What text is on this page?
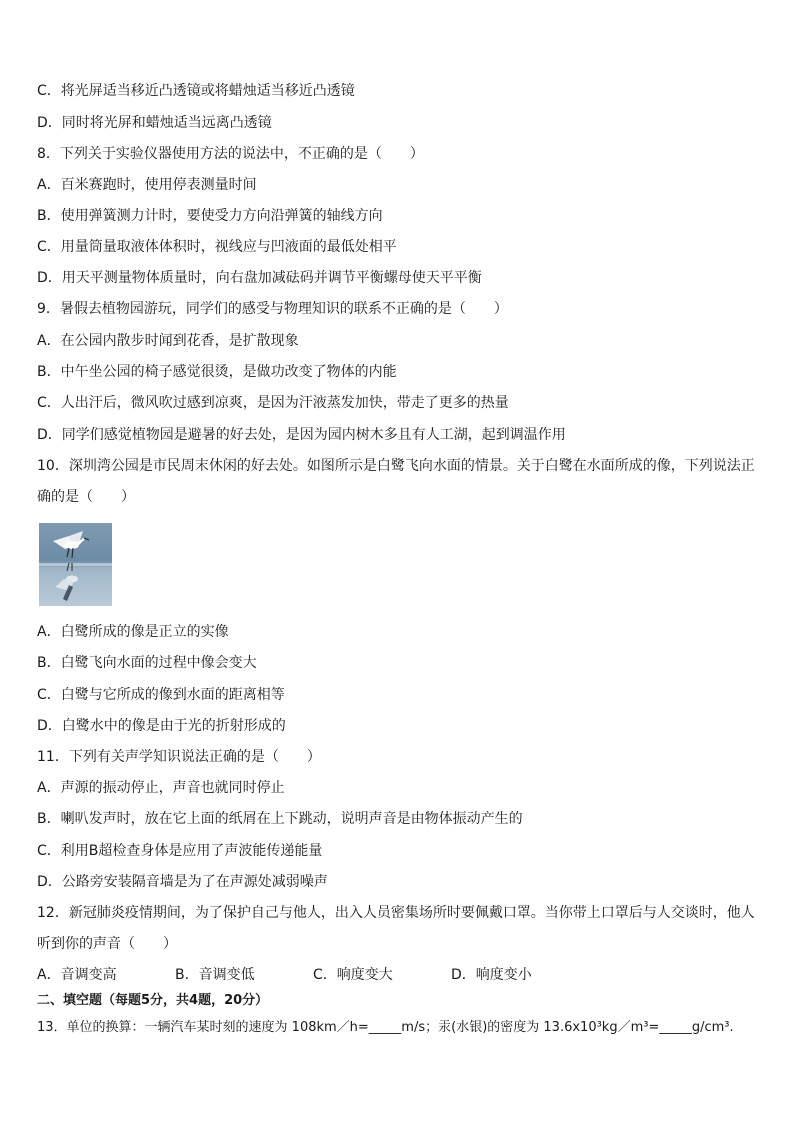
C．将光屏适当移近凸透镜或将蜡烛适当移近凸透镜
D．同时将光屏和蜡烛适当远离凸透镜
8．下列关于实验仪器使用方法的说法中，不正确的是（　　）
A．百米赛跑时，使用停表测量时间
B．使用弹簧测力计时，要使受力方向沿弹簧的轴线方向
C．用量筒量取液体体积时，视线应与凹液面的最低处相平
D．用天平测量物体质量时，向右盘加减砝码并调节平衡螺母使天平平衡
9．暑假去植物园游玩，同学们的感受与物理知识的联系不正确的是（　　）
A．在公园内散步时闻到花香，是扩散现象
B．中午坐公园的椅子感觉很烫，是做功改变了物体的内能
C．人出汗后，微风吹过感到凉爽，是因为汗液蒸发加快，带走了更多的热量
D．同学们感觉植物园是避暑的好去处，是因为园内树木多且有人工湖，起到调温作用
10．深圳湾公园是市民周末休闲的好去处。如图所示是白鹭飞向水面的情景。关于白鹭在水面所成的像，下列说法正
确的是（　　）
A．白鹭所成的像是正立的实像
B．白鹭飞向水面的过程中像会变大
C．白鹭与它所成的像到水面的距离相等
D．白鹭水中的像是由于光的折射形成的
11．下列有关声学知识说法正确的是（　　）
A．声源的振动停止，声音也就同时停止
B．喇叭发声时，放在它上面的纸屑在上下跳动，说明声音是由物体振动产生的
C．利用B超检查身体是应用了声波能传递能量
D．公路旁安装隔音墙是为了在声源处减弱噪声
12．新冠肺炎疫情期间，为了保护自己与他人，出入人员密集场所时要佩戴口罩。当你带上口罩后与人交谈时，他人
听到你的声音（　　）
A．音调变高	B．音调变低	C．响度变大	D．响度变小
二、填空题（每题5分，共4题，20分）
13．单位的换算：一辆汽车某时刻的速度为 108km／h=_____m/s；汞(水银)的密度为 13.6x10³kg／m³=_____g/cm³.
